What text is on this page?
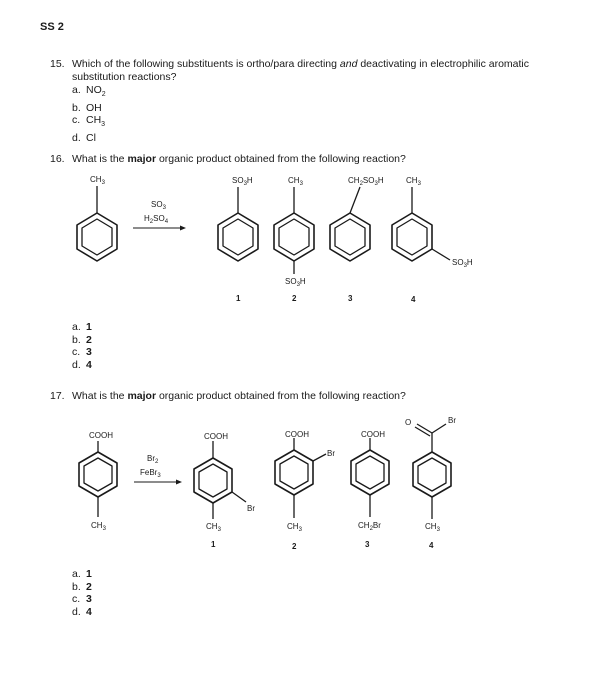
SS 2
15. Which of the following substituents is ortho/para directing and deactivating in electrophilic aromatic
substitution reactions?
a. $NO_2$
b. OH
c. $CH_3$
d. Cl
16. What is the major organic product obtained from the following reaction?
$CH_3$
$SO_3$
$H_2SO_4$
$SO_3H$
1
$CH_3$
$SO_3H$
2
$CH_2SO_3H$
3
$CH_3$
$SO_3H$
4
a. 1
b. 2
c. 3
d. 4
17. What is the major organic product obtained from the following reaction?
COOH
$CH_3$
$Br_2$
FeBr$_3$
COOH
Br
$CH_3$
1
COOH
Br
$CH_3$
2
COOH
$CH_2Br$
3
O	Br
$CH_3$
4
a. 1
b. 2
c. 3
d. 4
